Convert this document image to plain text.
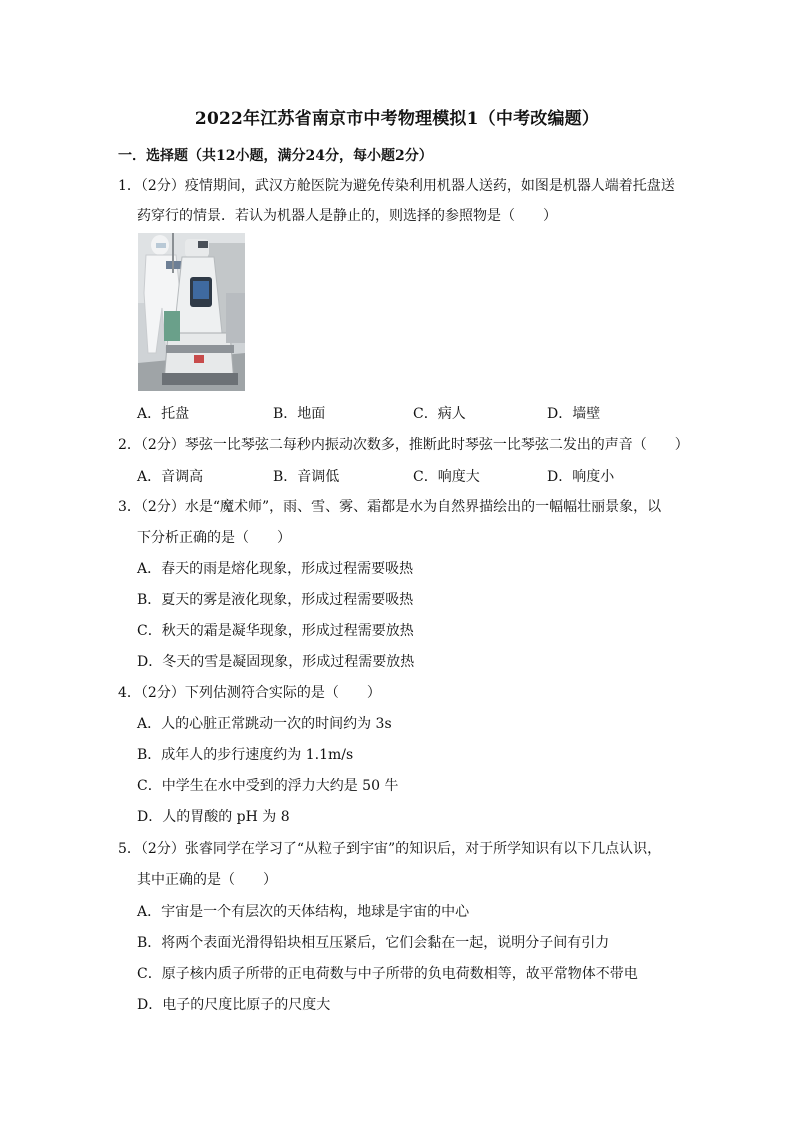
2022年江苏省南京市中考物理模拟1（中考改编题）
一．选择题（共12小题，满分24分，每小题2分）
1．（2分）疫情期间，武汉方舱医院为避免传染利用机器人送药，如图是机器人端着托盘送
药穿行的情景．若认为机器人是静止的，则选择的参照物是（　　）
A．托盘	B．地面	C．病人	D．墙壁
2．（2分）琴弦一比琴弦二每秒内振动次数多，推断此时琴弦一比琴弦二发出的声音（　　）
A．音调高	B．音调低	C．响度大	D．响度小
3．（2分）水是“魔术师”，雨、雪、雾、霜都是水为自然界描绘出的一幅幅壮丽景象，以
下分析正确的是（　　）
A．春天的雨是熔化现象，形成过程需要吸热
B．夏天的雾是液化现象，形成过程需要吸热
C．秋天的霜是凝华现象，形成过程需要放热
D．冬天的雪是凝固现象，形成过程需要放热
4．（2分）下列估测符合实际的是（　　）
A．人的心脏正常跳动一次的时间约为 3s
B．成年人的步行速度约为 1.1m/s
C．中学生在水中受到的浮力大约是 50 牛
D．人的胃酸的 pH 为 8
5．（2分）张睿同学在学习了“从粒子到宇宙”的知识后，对于所学知识有以下几点认识，
其中正确的是（　　）
A．宇宙是一个有层次的天体结构，地球是宇宙的中心
B．将两个表面光滑得铅块相互压紧后，它们会黏在一起，说明分子间有引力
C．原子核内质子所带的正电荷数与中子所带的负电荷数相等，故平常物体不带电
D．电子的尺度比原子的尺度大
